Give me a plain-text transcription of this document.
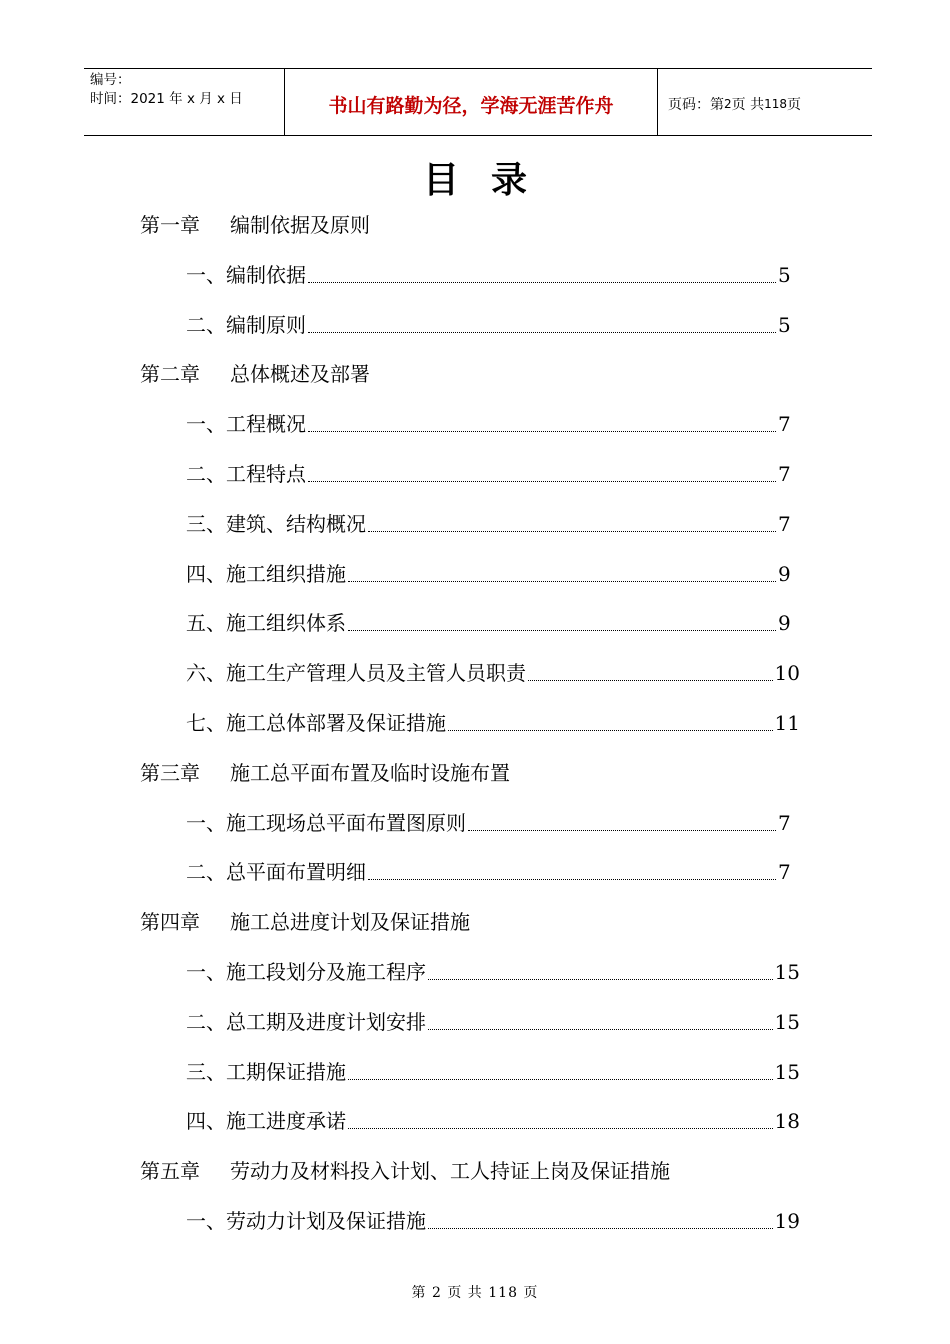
编号：
时间：2021 年 x 月 x 日	书山有路勤为径，学海无涯苦作舟	页码：第 2 页 共 118 页
目 录
第一章	编制依据及原则
一、编制依据	5
二、编制原则	5
第二章	总体概述及部署
一、工程概况	7
二、工程特点	7
三、建筑、结构概况	7
四、施工组织措施	9
五、施工组织体系	9
六、施工生产管理人员及主管人员职责	10
七、施工总体部署及保证措施	11
第三章	施工总平面布置及临时设施布置
一、施工现场总平面布置图原则	7
二、总平面布置明细	7
第四章	施工总进度计划及保证措施
一、施工段划分及施工程序	15
二、总工期及进度计划安排	15
三、工期保证措施	15
四、施工进度承诺	18
第五章	劳动力及材料投入计划、工人持证上岗及保证措施
一、劳动力计划及保证措施	19
第 2 页 共 118 页
